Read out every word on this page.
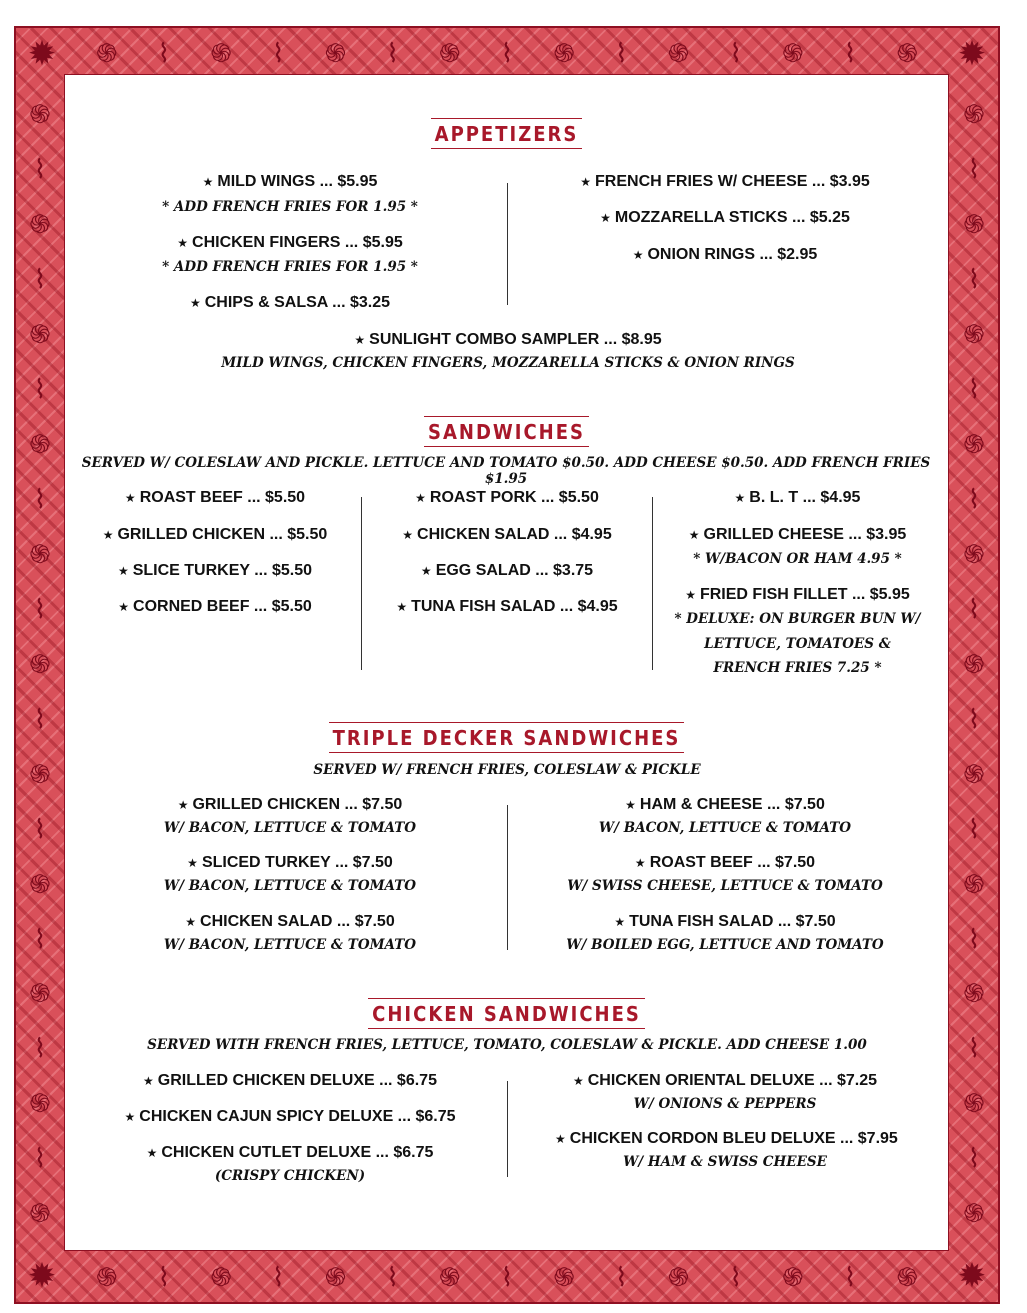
✹	✹
✹	✹
֍ ⌇ ֍ ⌇ ֍ ⌇ ֍ ⌇ ֍ ⌇ ֍ ⌇ ֍ ⌇ ֍
֍ ⌇ ֍ ⌇ ֍ ⌇ ֍ ⌇ ֍ ⌇ ֍ ⌇ ֍ ⌇ ֍
֍
⌇
֍
⌇
֍
⌇
֍
⌇
֍
⌇
֍
⌇
֍
⌇
֍
⌇
֍
⌇
֍
⌇
֍
֍
⌇
֍
⌇
֍
⌇
֍
⌇
֍
⌇
֍
⌇
֍
⌇
֍
⌇
֍
⌇
֍
⌇
֍
APPETIZERS
★ MILD WINGS ... $5.95
* ADD FRENCH FRIES FOR 1.95 *
★ CHICKEN FINGERS ... $5.95
* ADD FRENCH FRIES FOR 1.95 *
★ CHIPS & SALSA ... $3.25
★ FRENCH FRIES W/ CHEESE ... $3.95
★ MOZZARELLA STICKS ... $5.25
★ ONION RINGS ... $2.95
★ SUNLIGHT COMBO SAMPLER ... $8.95
MILD WINGS, CHICKEN FINGERS, MOZZARELLA STICKS & ONION RINGS
SANDWICHES
SERVED W/ COLESLAW AND PICKLE. LETTUCE AND TOMATO $0.50. ADD CHEESE $0.50. ADD FRENCH FRIES $1.95
★ ROAST BEEF ... $5.50
★ GRILLED CHICKEN ... $5.50
★ SLICE TURKEY ... $5.50
★ CORNED BEEF ... $5.50
★ ROAST PORK ... $5.50
★ CHICKEN SALAD ... $4.95
★ EGG SALAD ... $3.75
★ TUNA FISH SALAD ... $4.95
★ B. L. T ... $4.95
★ GRILLED CHEESE ... $3.95
* W/BACON OR HAM 4.95 *
★ FRIED FISH FILLET ... $5.95
* DELUXE: ON BURGER BUN W/
LETTUCE, TOMATOES &
FRENCH FRIES 7.25 *
TRIPLE DECKER SANDWICHES
SERVED W/ FRENCH FRIES, COLESLAW & PICKLE
★ GRILLED CHICKEN ... $7.50
W/ BACON, LETTUCE & TOMATO
★ SLICED TURKEY ... $7.50
W/ BACON, LETTUCE & TOMATO
★ CHICKEN SALAD ... $7.50
W/ BACON, LETTUCE & TOMATO
★ HAM & CHEESE ... $7.50
W/ BACON, LETTUCE & TOMATO
★ ROAST BEEF ... $7.50
W/ SWISS CHEESE, LETTUCE & TOMATO
★ TUNA FISH SALAD ... $7.50
W/ BOILED EGG, LETTUCE AND TOMATO
CHICKEN SANDWICHES
SERVED WITH FRENCH FRIES, LETTUCE, TOMATO, COLESLAW & PICKLE. ADD CHEESE 1.00
★ GRILLED CHICKEN DELUXE ... $6.75
★ CHICKEN CAJUN SPICY DELUXE ... $6.75
★ CHICKEN CUTLET DELUXE ... $6.75
(CRISPY CHICKEN)
★ CHICKEN ORIENTAL DELUXE ... $7.25
W/ ONIONS & PEPPERS
★ CHICKEN CORDON BLEU DELUXE ... $7.95
W/ HAM & SWISS CHEESE
